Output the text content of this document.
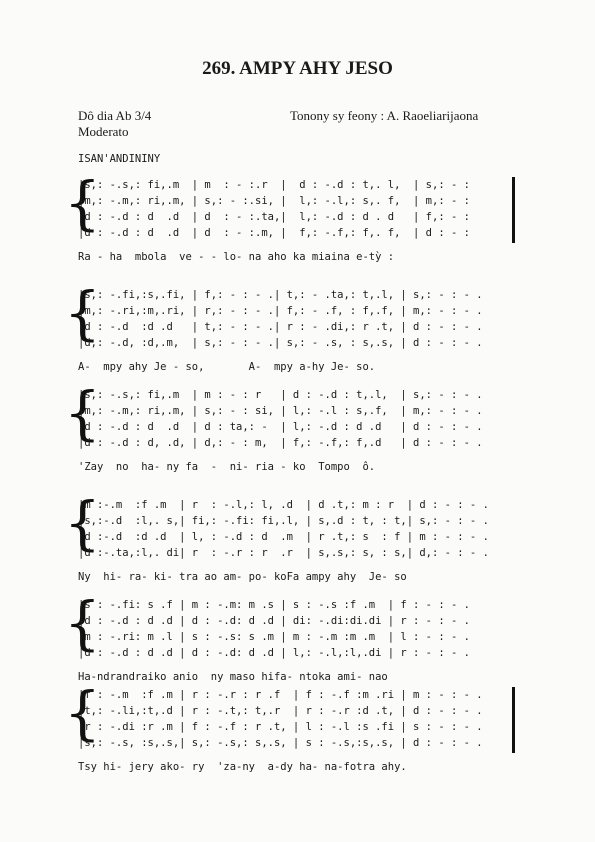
269. AMPY AHY JESO
Dô dia Ab 3/4
Moderato
Tonony sy feony : A. Raoeliarijaona
ISAN'ANDININY
{
|s,: -.s,: fi,.m  | m  : - :.r  |  d : -.d : t,. l,  | s,: - :
|m,: -.m,: ri,.m, | s,: - :.si, |  l,: -.l,: s,. f,  | m,: - :
|d : -.d : d  .d  | d  : - :.ta,|  l,: -.d : d . d   | f,: - :
|d : -.d : d  .d  | d  : - :.m, |  f,: -.f,: f,. f,  | d : - :
Ra - ha  mbola  ve - - lo- na aho ka miaina e-tỳ :
{
|s,: -.fi,:s,.fi, | f,: - : - .| t,: - .ta,: t,.l, | s,: - : - .
|m,: -.ri,:m,.ri, | r,: - : - .| f,: - .f, : f,.f, | m,: - : - .
|d : -.d  :d .d   | t,: - : - .| r : - .di,: r .t, | d : - : - .
|d,: -.d, :d,.m,  | s,: - : - .| s,: - .s, : s,.s, | d : - : - .
A-  mpy ahy Je - so,       A-  mpy a-hy Je- so.
{
|s,: -.s,: fi,.m  | m : - : r   | d : -.d : t,.l,  | s,: - : - .
|m,: -.m,: ri,.m, | s,: - : si, | l,: -.l : s,.f,  | m,: - : - .
|d : -.d : d  .d  | d : ta,: -  | l,: -.d : d .d   | d : - : - .
|d : -.d : d, .d, | d,: - : m,  | f,: -.f,: f,.d   | d : - : - .
'Zay  no  ha- ny fa  -  ni- ria - ko  Tompo  ô.
{
|m :-.m  :f .m  | r  : -.l,: l, .d  | d .t,: m : r  | d : - : - .
|s,:-.d  :l,. s,| fi,: -.fi: fi,.l, | s,.d : t, : t,| s,: - : - .
|d :-.d  :d .d  | l, : -.d : d  .m  | r .t,: s  : f | m : - : - .
|d :-.ta,:l,. di| r  : -.r : r  .r  | s,.s,: s, : s,| d,: - : - .
Ny  hi- ra- ki- tra ao am- po- koFa ampy ahy  Je- so
{
|s : -.fi: s .f | m : -.m: m .s | s : -.s :f .m  | f : - : - .
|d : -.d : d .d | d : -.d: d .d | di: -.di:di.di | r : - : - .
|m : -.ri: m .l | s : -.s: s .m | m : -.m :m .m  | l : - : - .
|d : -.d : d .d | d : -.d: d .d | l,: -.l,:l,.di | r : - : - .
Ha-ndrandraiko anio  ny maso hifa- ntoka ami- nao
{
|f : -.m  :f .m | r : -.r : r .f  | f : -.f :m .ri | m : - : - .
|t,: -.li,:t,.d | r : -.t,: t,.r  | r : -.r :d .t, | d : - : - .
|r : -.di :r .m | f : -.f : r .t, | l : -.l :s .fi | s : - : - .
|s,: -.s, :s,.s,| s,: -.s,: s,.s, | s : -.s,:s,.s, | d : - : - .
Tsy hi- jery ako- ry  'za-ny  a-dy ha- na-fotra ahy.
